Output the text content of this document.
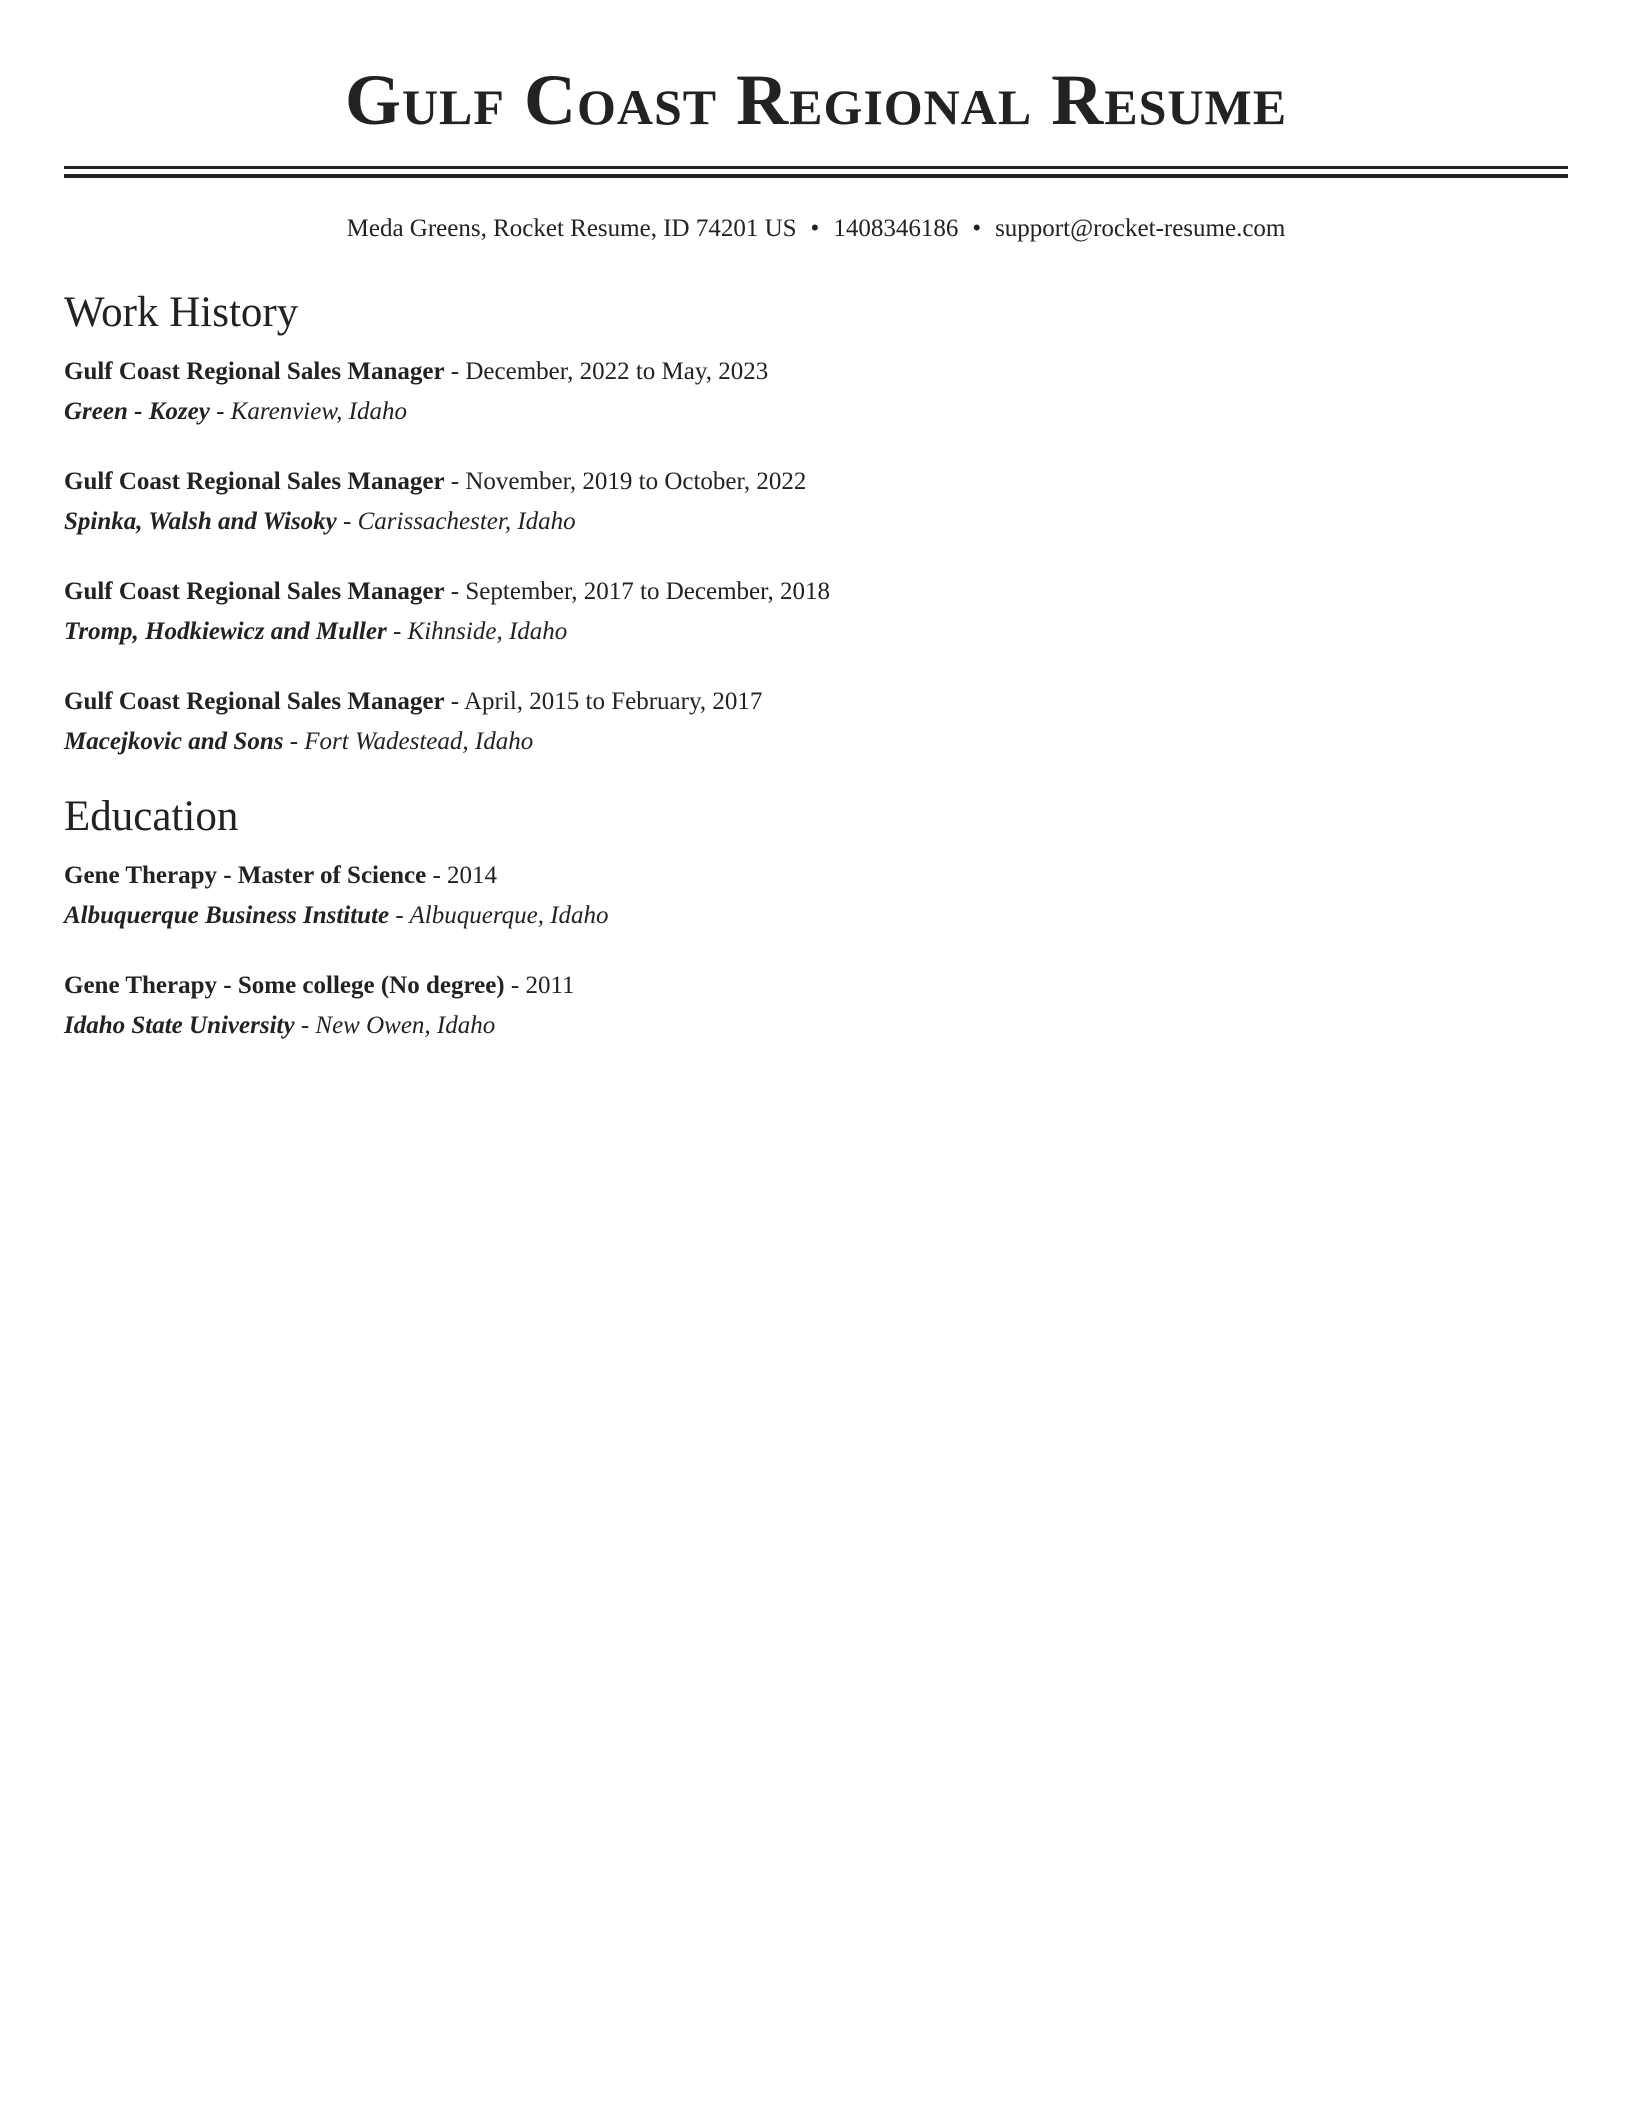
Gulf Coast Regional Resume
Meda Greens, Rocket Resume, ID 74201 US • 1408346186 • support@rocket-resume.com
Work History
Gulf Coast Regional Sales Manager - December, 2022 to May, 2023
Green - Kozey - Karenview, Idaho
Gulf Coast Regional Sales Manager - November, 2019 to October, 2022
Spinka, Walsh and Wisoky - Carissachester, Idaho
Gulf Coast Regional Sales Manager - September, 2017 to December, 2018
Tromp, Hodkiewicz and Muller - Kihnside, Idaho
Gulf Coast Regional Sales Manager - April, 2015 to February, 2017
Macejkovic and Sons - Fort Wadestead, Idaho
Education
Gene Therapy - Master of Science - 2014
Albuquerque Business Institute - Albuquerque, Idaho
Gene Therapy - Some college (No degree) - 2011
Idaho State University - New Owen, Idaho
